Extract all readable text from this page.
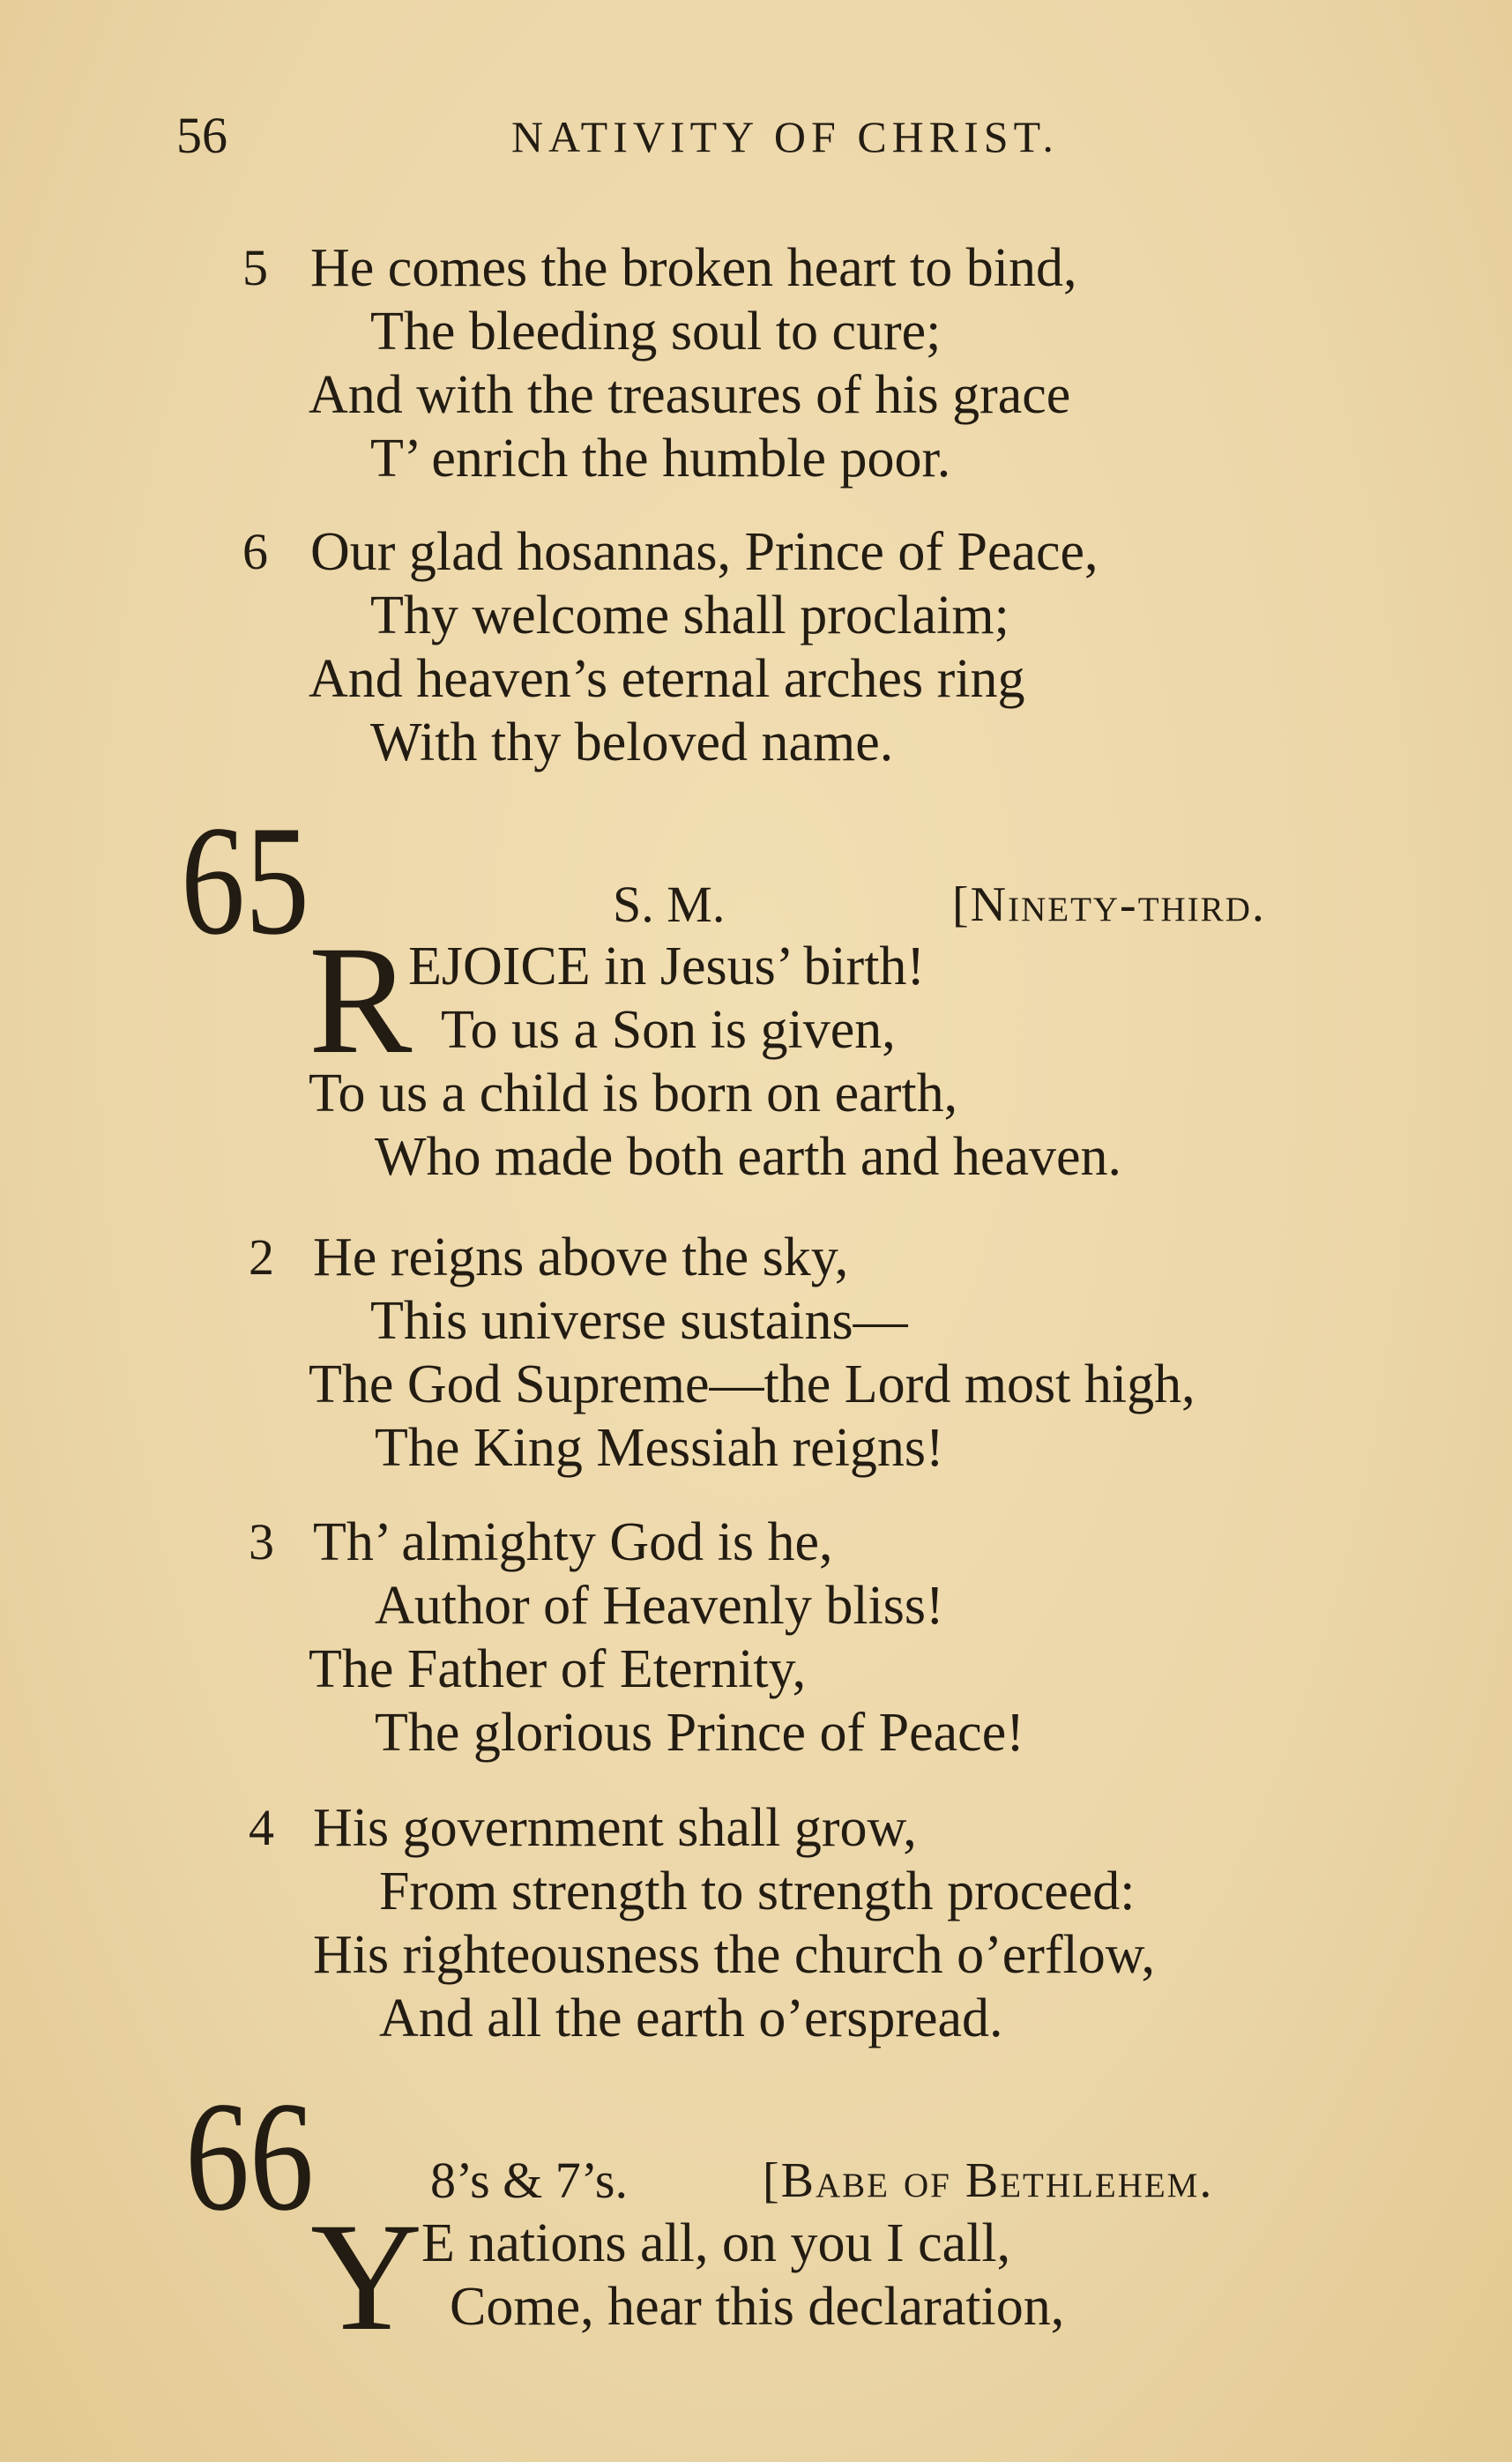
56	NATIVITY OF CHRIST.
5 He comes the broken heart to bind,
The bleeding soul to cure;
And with the treasures of his grace
T’ enrich the humble poor.
6 Our glad hosannas, Prince of Peace,
Thy welcome shall proclaim;
And heaven’s eternal arches ring
With thy beloved name.
65	S. M.	[Ninety-third.
R
EJOICE in Jesus’ birth!
To us a Son is given,
To us a child is born on earth,
Who made both earth and heaven.
2 He reigns above the sky,
This universe sustains—
The God Supreme—the Lord most high,
The King Messiah reigns!
3 Th’ almighty God is he,
Author of Heavenly bliss!
The Father of Eternity,
The glorious Prince of Peace!
4 His government shall grow,
From strength to strength proceed:
His righteousness the church o’erflow,
And all the earth o’erspread.
66 8’s & 7’s.	[Babe of Bethlehem.
Y
E nations all, on you I call,
Come, hear this declaration,
